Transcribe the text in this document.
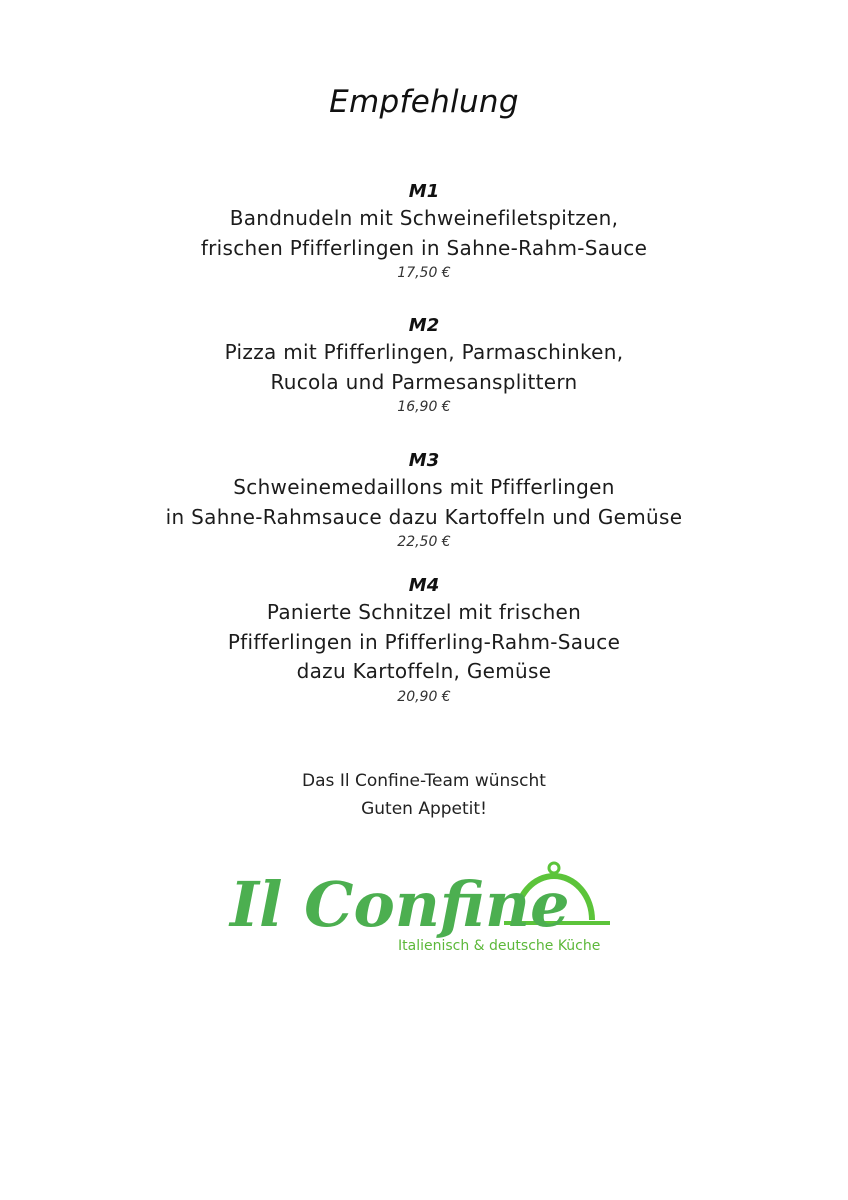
Empfehlung
M1
Bandnudeln mit Schweinefiletspitzen,
frischen Pfifferlingen in Sahne-Rahm-Sauce
17,50 €
M2
Pizza mit Pfifferlingen, Parmaschinken,
Rucola und Parmesansplittern
16,90 €
M3
Schweinemedaillons mit Pfifferlingen
in Sahne-Rahmsauce dazu Kartoffeln und Gemüse
22,50 €
M4
Panierte Schnitzel mit frischen
Pfifferlingen in Pfifferling-Rahm-Sauce
dazu Kartoffeln, Gemüse
20,90 €
Das Il Confine-Team wünscht
Guten Appetit!
Il Confine
Italienisch & deutsche Küche
